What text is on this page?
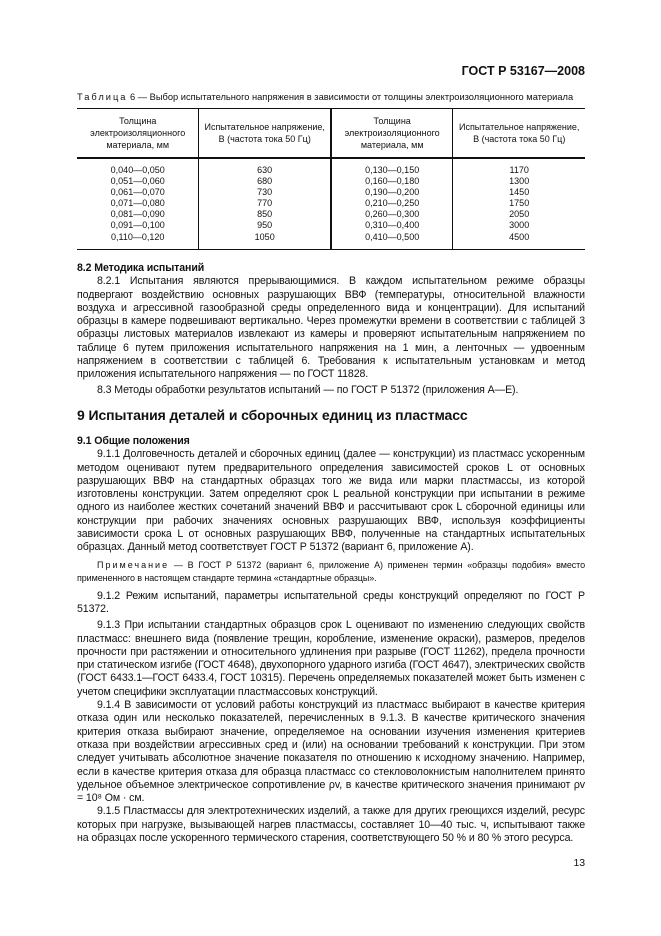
ГОСТ Р 53167—2008
Таблица 6 — Выбор испытательного напряжения в зависимости от толщины электроизоляционного материала
Толщина электроизоляционного материала, мм	Испытательное напряжение, В (частота тока 50 Гц)	Толщина электроизоляционного материала, мм	Испытательное напряжение, В (частота тока 50 Гц)
0,040—0,050	630	0,130—0,150	1170
0,051—0,060	680	0,160—0,180	1300
0,061—0,070	730	0,190—0,200	1450
0,071—0,080	770	0,210—0,250	1750
0,081—0,090	850	0,260—0,300	2050
0,091—0,100	950	0,310—0,400	3000
0,110—0,120	1050	0,410—0,500	4500

8.2 Методика испытаний

8.2.1 Испытания являются прерывающимися. В каждом испытательном режиме образцы подвергают воздействию основных разрушающих ВВФ (температуры, относительной влажности воздуха и агрессивной газообразной среды определенного вида и концентрации). Для испытаний образцы в камере подвешивают вертикально. Через промежутки времени в соответствии с таблицей 3 образцы листовых материалов извлекают из камеры и проверяют испытательным напряжением по таблице 6 путем приложения испытательного напряжения на 1 мин, а ленточных — удвоенным напряжением в соответствии с таблицей 6. Требования к испытательным установкам и метод приложения испытательного напряжения — по ГОСТ 11828.

8.3 Методы обработки результатов испытаний — по ГОСТ Р 51372 (приложения А—Е).

9 Испытания деталей и сборочных единиц из пластмасс

9.1 Общие положения

9.1.1 Долговечность деталей и сборочных единиц (далее — конструкции) из пластмасс ускоренным методом оценивают путем предварительного определения зависимостей сроков L от основных разрушающих ВВФ на стандартных образцах того же вида или марки пластмассы, из которой изготовлены конструкции. Затем определяют срок L реальной конструкции при испытании в режиме одного из наиболее жестких сочетаний значений ВВФ и рассчитывают срок L сборочной единицы или конструкции при рабочих значениях основных разрушающих ВВФ, используя коэффициенты зависимости срока L от основных разрушающих ВВФ, полученные на стандартных испытательных образцах. Данный метод соответствует ГОСТ Р 51372 (вариант 6, приложение А).

Примечание — В ГОСТ Р 51372 (вариант 6, приложение А) применен термин «образцы подобия» вместо примененного в настоящем стандарте термина «стандартные образцы».

9.1.2 Режим испытаний, параметры испытательной среды конструкций определяют по ГОСТ Р 51372.

9.1.3 При испытании стандартных образцов срок L оценивают по изменению следующих свойств пластмасс: внешнего вида (появление трещин, коробление, изменение окраски), размеров, пределов прочности при растяжении и относительного удлинения при разрыве (ГОСТ 11262), предела прочности при статическом изгибе (ГОСТ 4648), двухопорного ударного изгиба (ГОСТ 4647), электрических свойств (ГОСТ 6433.1—ГОСТ 6433.4, ГОСТ 10315). Перечень определяемых показателей может быть изменен с учетом специфики эксплуатации пластмассовых конструкций.

9.1.4 В зависимости от условий работы конструкций из пластмасс выбирают в качестве критерия отказа один или несколько показателей, перечисленных в 9.1.3. В качестве критического значения критерия отказа выбирают значение, определяемое на основании изучения изменения критериев отказа при воздействии агрессивных сред и (или) на основании требований к конструкции. При этом следует учитывать абсолютное значение показателя по отношению к исходному значению. Например, если в качестве критерия отказа для образца пластмасс со стекловолокнистым наполнителем принято удельное объемное электрическое сопротивление ρv, в качестве критического значения принимают ρv = 10⁸ Ом · см.

9.1.5 Пластмассы для электротехнических изделий, а также для других греющихся изделий, ресурс которых при нагрузке, вызывающей нагрев пластмассы, составляет 10—40 тыс. ч, испытывают также на образцах после ускоренного термического старения, соответствующего 50 % и 80 % этого ресурса.

13
